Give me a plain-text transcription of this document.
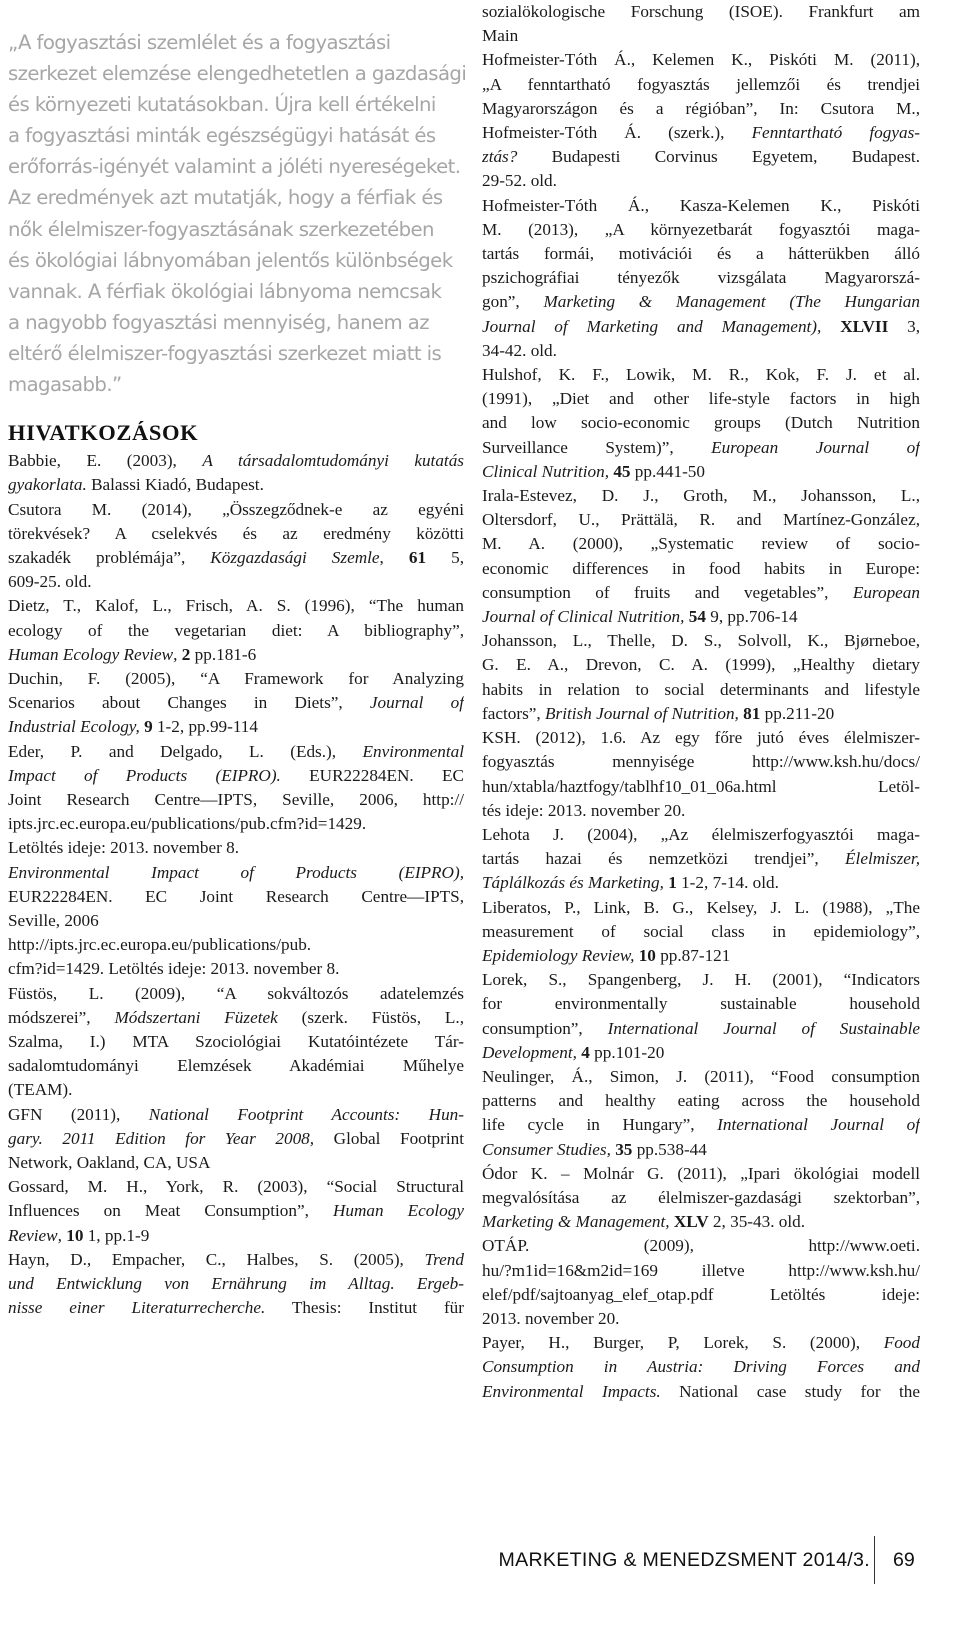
„A fogyasztási szemlélet és a fogyasztási

szerkezet elemzése elengedhetetlen a gazdasági

és környezeti kutatásokban. Újra kell értékelni

a fogyasztási minták egészségügyi hatását és

erőforrás-igényét valamint a jóléti nyereségeket.

Az eredmények azt mutatják, hogy a férfiak és

nők élelmiszer-fogyasztásának szerkezetében

és ökológiai lábnyomában jelentős különbségek

vannak. A férfiak ökológiai lábnyoma nemcsak

a nagyobb fogyasztási mennyiség, hanem az

eltérő élelmiszer-fogyasztási szerkezet miatt is

magasabb.”

HIVATKOZÁSOK

Babbie, E. (2003), A társadalomtudományi kutatás

gyakorlata. Balassi Kiadó, Budapest.

Csutora M. (2014), „Összegződnek-e az egyéni

törekvések? A cselekvés és az eredmény közötti

szakadék problémája”, Közgazdasági Szemle, 61 5,

609-25. old.

Dietz, T., Kalof, L., Frisch, A. S. (1996), “The human

ecology of the vegetarian diet: A bibliography”,

Human Ecology Review, 2 pp.181-6

Duchin, F. (2005), “A Framework for Analyzing

Scenarios about Changes in Diets”, Journal of

Industrial Ecology, 9 1-2, pp.99-114

Eder, P. and Delgado, L. (Eds.), Environmental

Impact of Products (EIPRO). EUR22284EN. EC

Joint Research Centre—IPTS, Seville, 2006, http://

ipts.jrc.ec.europa.eu/publications/pub.cfm?id=1429.

Letöltés ideje: 2013. november 8.

Environmental Impact of Products (EIPRO),

EUR22284EN. EC Joint Research Centre—IPTS,

Seville, 2006

http://ipts.jrc.ec.europa.eu/publications/pub.

cfm?id=1429. Letöltés ideje: 2013. november 8.

Füstös, L. (2009), “A sokváltozós adatelemzés

módszerei”, Módszertani Füzetek (szerk. Füstös, L.,

Szalma, I.) MTA Szociológiai Kutatóintézete Tár-

sadalomtudományi Elemzések Akadémiai Műhelye

(TEAM).

GFN (2011), National Footprint Accounts: Hun-

gary. 2011 Edition for Year 2008, Global Footprint

Network, Oakland, CA, USA

Gossard, M. H., York, R. (2003), “Social Structural

Influences on Meat Consumption”, Human Ecology

Review, 10 1, pp.1-9

Hayn, D., Empacher, C., Halbes, S. (2005), Trend

und Entwicklung von Ernährung im Alltag. Ergeb-

nisse einer Literaturrecherche. Thesis: Institut für

sozialökologische Forschung (ISOE). Frankfurt am

Main

Hofmeister-Tóth Á., Kelemen K., Piskóti M. (2011),

„A fenntartható fogyasztás jellemzői és trendjei

Magyarországon és a régióban”, In: Csutora M.,

Hofmeister-Tóth Á. (szerk.), Fenntartható fogyas-

ztás? Budapesti Corvinus Egyetem, Budapest.

29-52. old.

Hofmeister-Tóth Á., Kasza-Kelemen K., Piskóti

M. (2013), „A környezetbarát fogyasztói maga-

tartás formái, motivációi és a hátterükben álló

pszichográfiai tényezők vizsgálata Magyarorszá-

gon”, Marketing & Management (The Hungarian

Journal of Marketing and Management), XLVII 3,

34-42. old.

Hulshof, K. F., Lowik, M. R., Kok, F. J. et al.

(1991), „Diet and other life-style factors in high

and low socio-economic groups (Dutch Nutrition

Surveillance System)”, European Journal of

Clinical Nutrition, 45 pp.441-50

Irala-Estevez, D. J., Groth, M., Johansson, L.,

Oltersdorf, U., Prättälä, R. and Martínez-González,

M. A. (2000), „Systematic review of socio-

economic differences in food habits in Europe:

consumption of fruits and vegetables”, European

Journal of Clinical Nutrition, 54 9, pp.706-14

Johansson, L., Thelle, D. S., Solvoll, K., Bjørneboe,

G. E. A., Drevon, C. A. (1999), „Healthy dietary

habits in relation to social determinants and lifestyle

factors”, British Journal of Nutrition, 81 pp.211-20

KSH. (2012), 1.6. Az egy főre jutó éves élelmiszer-

fogyasztás mennyisége http://www.ksh.hu/docs/

hun/xtabla/haztfogy/tablhf10_01_06a.html Letöl-

tés ideje: 2013. november 20.

Lehota J. (2004), „Az élelmiszerfogyasztói maga-

tartás hazai és nemzetközi trendjei”, Élelmiszer,

Táplálkozás és Marketing, 1 1-2, 7-14. old.

Liberatos, P., Link, B. G., Kelsey, J. L. (1988), „The

measurement of social class in epidemiology”,

Epidemiology Review, 10 pp.87-121

Lorek, S., Spangenberg, J. H. (2001), “Indicators

for environmentally sustainable household

consumption”, International Journal of Sustainable

Development, 4 pp.101-20

Neulinger, Á., Simon, J. (2011), “Food consumption

patterns and healthy eating across the household

life cycle in Hungary”, International Journal of

Consumer Studies, 35 pp.538-44

Ódor K. – Molnár G. (2011), „Ipari ökológiai modell

megvalósítása az élelmiszer-gazdasági szektorban”,

Marketing & Management, XLV 2, 35-43. old.

OTÁP. (2009), http://www.oeti.

hu/?m1id=16&m2id=169 illetve http://www.ksh.hu/

elef/pdf/sajtoanyag_elef_otap.pdf Letöltés ideje:

2013. november 20.

Payer, H., Burger, P, Lorek, S. (2000), Food

Consumption in Austria: Driving Forces and

Environmental Impacts. National case study for the

MARKETING & MENEDZSMENT 2014/3. 69
